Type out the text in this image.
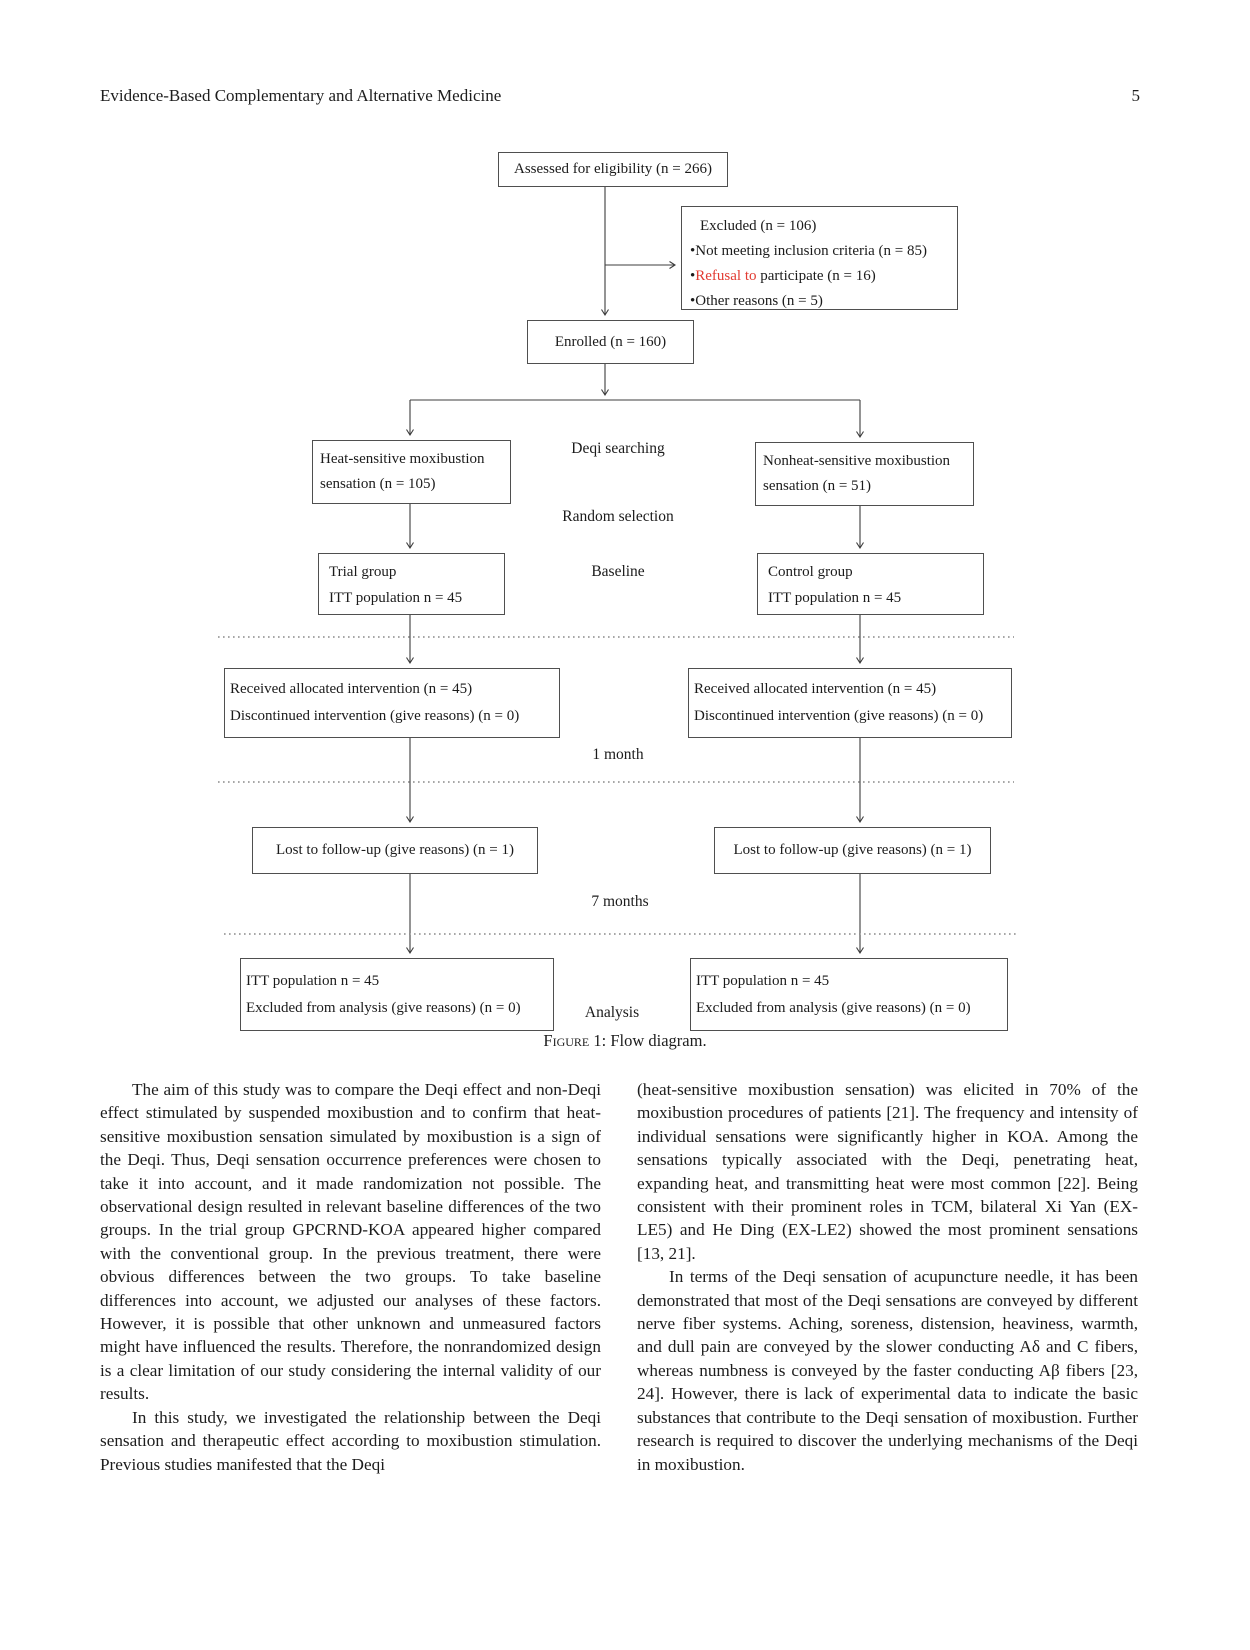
Evidence-Based Complementary and Alternative Medicine	5
Assessed for eligibility (n = 266)
Excluded (n = 106)
• Not meeting inclusion criteria (n = 85)
• Refusal to participate (n = 16)
• Other reasons (n = 5)
Enrolled (n = 160)
Heat-sensitive moxibustion sensation (n = 105)
Nonheat-sensitive moxibustion sensation (n = 51)
Trial group
ITT population n = 45
Control group
ITT population n = 45
Received allocated intervention (n = 45)
Discontinued intervention (give reasons) (n = 0)
Received allocated intervention (n = 45)
Discontinued intervention (give reasons) (n = 0)
Lost to follow-up (give reasons) (n = 1)	Lost to follow-up (give reasons) (n = 1)
ITT population n = 45
Excluded from analysis (give reasons) (n = 0)
ITT population n = 45
Excluded from analysis (give reasons) (n = 0)
Deqi searching
Random selection
Baseline
1 month
7 months
Analysis
Figure 1: Flow diagram.

The aim of this study was to compare the Deqi effect and non-Deqi effect stimulated by suspended moxibustion and to confirm that heat-sensitive moxibustion sensation simulated by moxibustion is a sign of the Deqi. Thus, Deqi sensation occurrence preferences were chosen to take it into account, and it made randomization not possible. The observational design resulted in relevant baseline differences of the two groups. In the trial group GPCRND-KOA appeared higher compared with the conventional group. In the previous treatment, there were obvious differences between the two groups. To take baseline differences into account, we adjusted our analyses of these factors. However, it is possible that other unknown and unmeasured factors might have influenced the results. Therefore, the nonrandomized design is a clear limitation of our study considering the internal validity of our results.

In this study, we investigated the relationship between the Deqi sensation and therapeutic effect according to moxibustion stimulation. Previous studies manifested that the Deqi

(heat-sensitive moxibustion sensation) was elicited in 70% of the moxibustion procedures of patients [21]. The frequency and intensity of individual sensations were significantly higher in KOA. Among the sensations typically associated with the Deqi, penetrating heat, expanding heat, and transmitting heat were most common [22]. Being consistent with their prominent roles in TCM, bilateral Xi Yan (EX-LE5) and He Ding (EX-LE2) showed the most prominent sensations [13, 21].

In terms of the Deqi sensation of acupuncture needle, it has been demonstrated that most of the Deqi sensations are conveyed by different nerve fiber systems. Aching, soreness, distension, heaviness, warmth, and dull pain are conveyed by the slower conducting Aδ and C fibers, whereas numbness is conveyed by the faster conducting Aβ fibers [23, 24]. However, there is lack of experimental data to indicate the basic substances that contribute to the Deqi sensation of moxibustion. Further research is required to discover the underlying mechanisms of the Deqi in moxibustion.
